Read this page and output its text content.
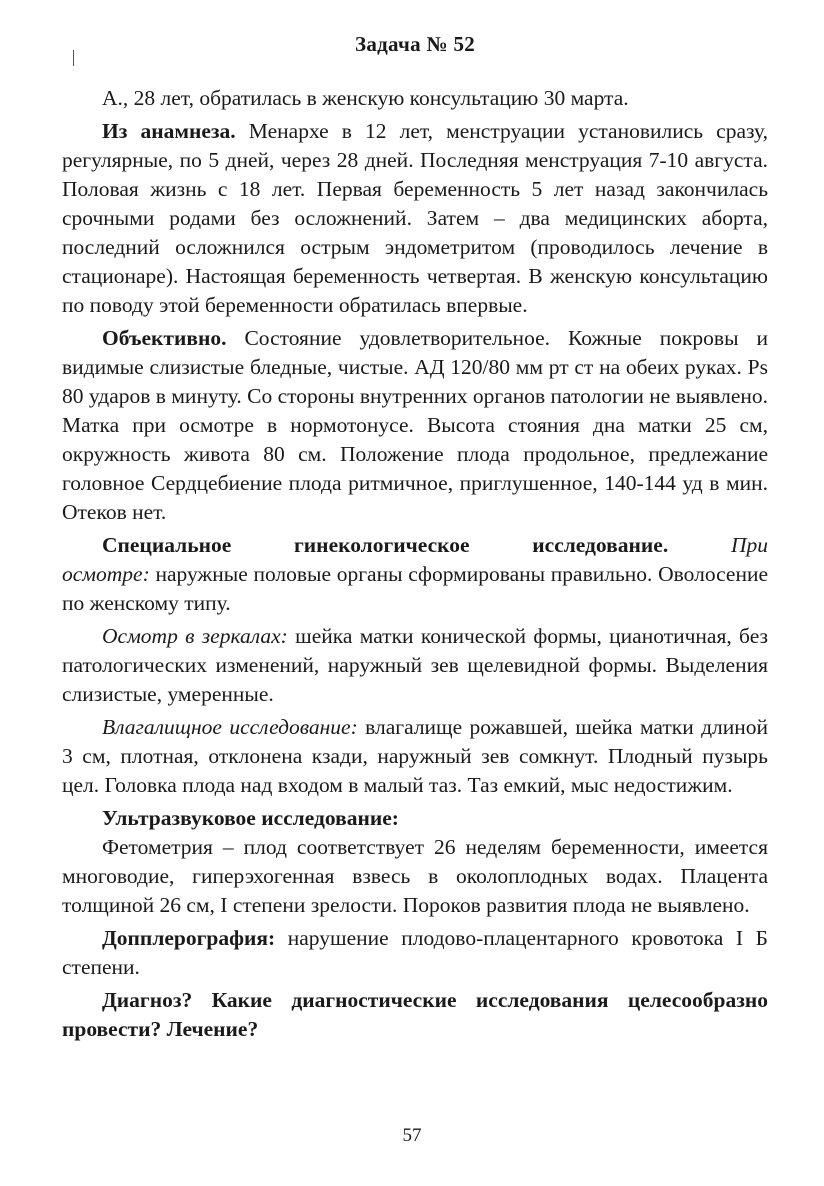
Задача № 52

А., 28 лет, обратилась в женскую консультацию 30 марта.

Из анамнеза. Менархе в 12 лет, менструации установились сразу, регулярные, по 5 дней, через 28 дней. Последняя менструация 7-10 августа. Половая жизнь с 18 лет. Первая беременность 5 лет назад закончилась срочными родами без осложнений. Затем – два медицинских аборта, последний осложнился острым эндометритом (проводилось лечение в стационаре). Настоящая беременность четвертая. В женскую консультацию по поводу этой беременности обратилась впервые.

Объективно. Состояние удовлетворительное. Кожные покровы и видимые слизистые бледные, чистые. АД 120/80 мм рт ст на обеих руках. Ps 80 ударов в минуту. Со стороны внутренних органов патологии не выявлено. Матка при осмотре в нормотонусе. Высота стояния дна матки 25 см, окружность живота 80 см. Положение плода продольное, предлежание головное Сердцебиение плода ритмичное, приглушенное, 140-144 уд в мин. Отеков нет.

Специальное	гинекологическое	исследование.	При

осмотре: наружные половые органы сформированы правильно. Оволосение по женскому типу.

Осмотр в зеркалах: шейка матки конической формы, цианотичная, без патологических изменений, наружный зев щелевидной формы. Выделения слизистые, умеренные.

Влагалищное исследование: влагалище рожавшей, шейка матки длиной 3 см, плотная, отклонена кзади, наружный зев сомкнут. Плодный пузырь цел. Головка плода над входом в малый таз. Таз емкий, мыс недостижим.

Ультразвуковое исследование:

Фетометрия – плод соответствует 26 неделям беременности, имеется многоводие, гиперэхогенная взвесь в околоплодных водах. Плацента толщиной 26 см, I степени зрелости. Пороков развития плода не выявлено.

Допплерография: нарушение плодово-плацентарного кровотока I Б степени.

Диагноз? Какие диагностические исследования целесообразно провести? Лечение?

57
